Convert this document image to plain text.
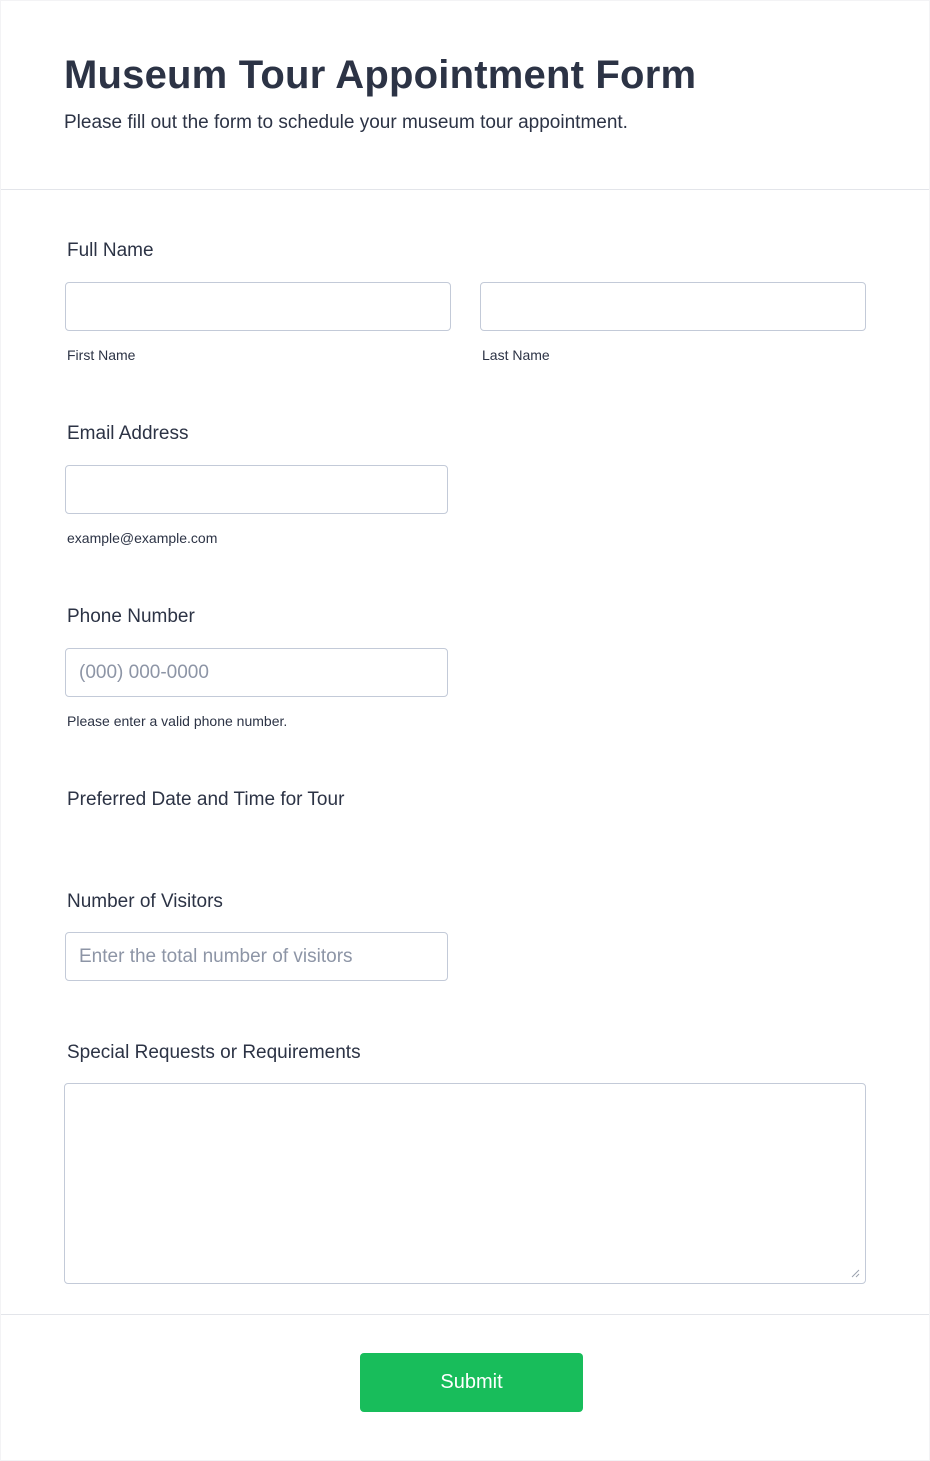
Museum Tour Appointment Form

Please fill out the form to schedule your museum tour appointment.

Full Name
First Name	Last Name
Email Address
example@example.com
Phone Number
(000) 000-0000
Please enter a valid phone number.
Preferred Date and Time for Tour
Number of Visitors
Enter the total number of visitors
Special Requests or Requirements
Submit
